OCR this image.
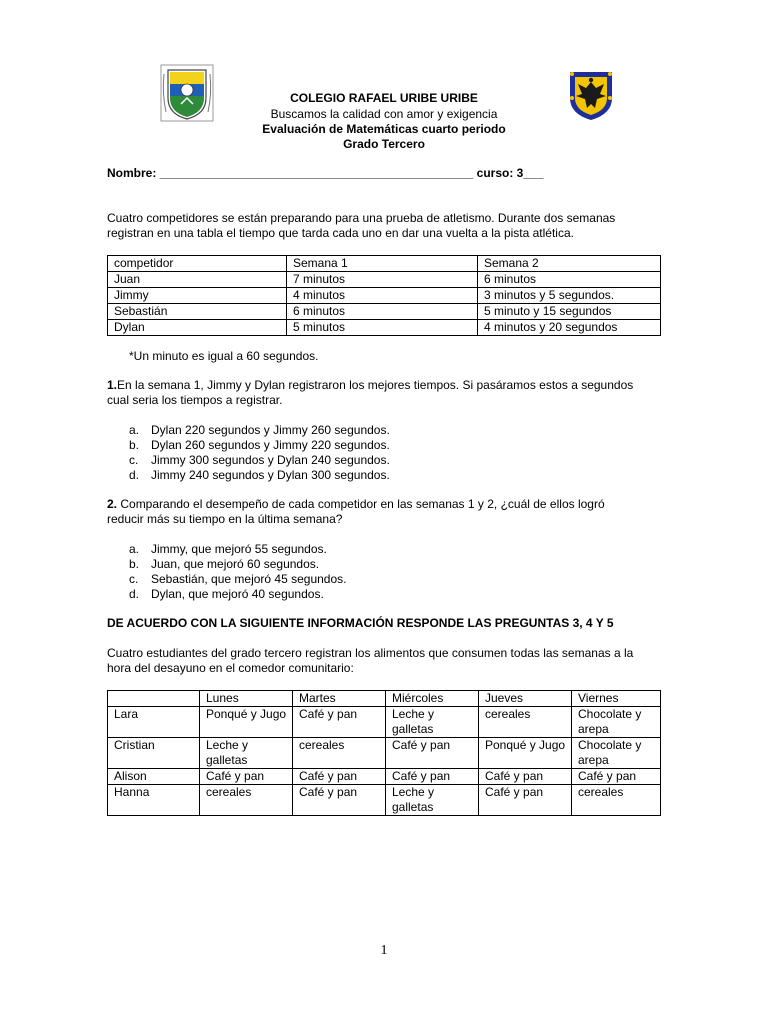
COLEGIO RAFAEL URIBE URIBE
Buscamos la calidad con amor y exigencia
Evaluación de Matemáticas cuarto periodo
Grado Tercero
Nombre: _______________________________________________ curso: 3___
Cuatro competidores se están preparando para una prueba de atletismo. Durante dos semanas
registran en una tabla el tiempo que tarda cada uno en dar una vuelta a la pista atlética.
competidor	Semana 1	Semana 2
Juan	7 minutos	6 minutos
Jimmy	4 minutos	3 minutos y 5 segundos.
Sebastián	6 minutos	5 minuto y 15 segundos
Dylan	5 minutos	4 minutos y 20 segundos
*Un minuto es igual a 60 segundos.
1.En la semana 1, Jimmy y Dylan registraron los mejores tiempos. Si pasáramos estos a segundos
cual seria los tiempos a registrar.
a. Dylan 220 segundos y Jimmy 260 segundos.
b. Dylan 260 segundos y Jimmy 220 segundos.
c. Jimmy 300 segundos y Dylan 240 segundos.
d. Jimmy 240 segundos y Dylan 300 segundos.
2. Comparando el desempeño de cada competidor en las semanas 1 y 2, ¿cuál de ellos logró
reducir más su tiempo en la última semana?
a. Jimmy, que mejoró 55 segundos.
b. Juan, que mejoró 60 segundos.
c. Sebastián, que mejoró 45 segundos.
d. Dylan, que mejoró 40 segundos.
DE ACUERDO CON LA SIGUIENTE INFORMACIÓN RESPONDE LAS PREGUNTAS 3, 4 Y 5
Cuatro estudiantes del grado tercero registran los alimentos que consumen todas las semanas a la
hora del desayuno en el comedor comunitario:
	Lunes	Martes	Miércoles	Jueves	Viernes
Lara	Ponqué y Jugo	Café y pan	Leche y galletas	cereales	Chocolate y arepa
Cristian	Leche y galletas	cereales	Café y pan	Ponqué y Jugo	Chocolate y arepa
Alison	Café y pan	Café y pan	Café y pan	Café y pan	Café y pan
Hanna	cereales	Café y pan	Leche y galletas	Café y pan	cereales
1
